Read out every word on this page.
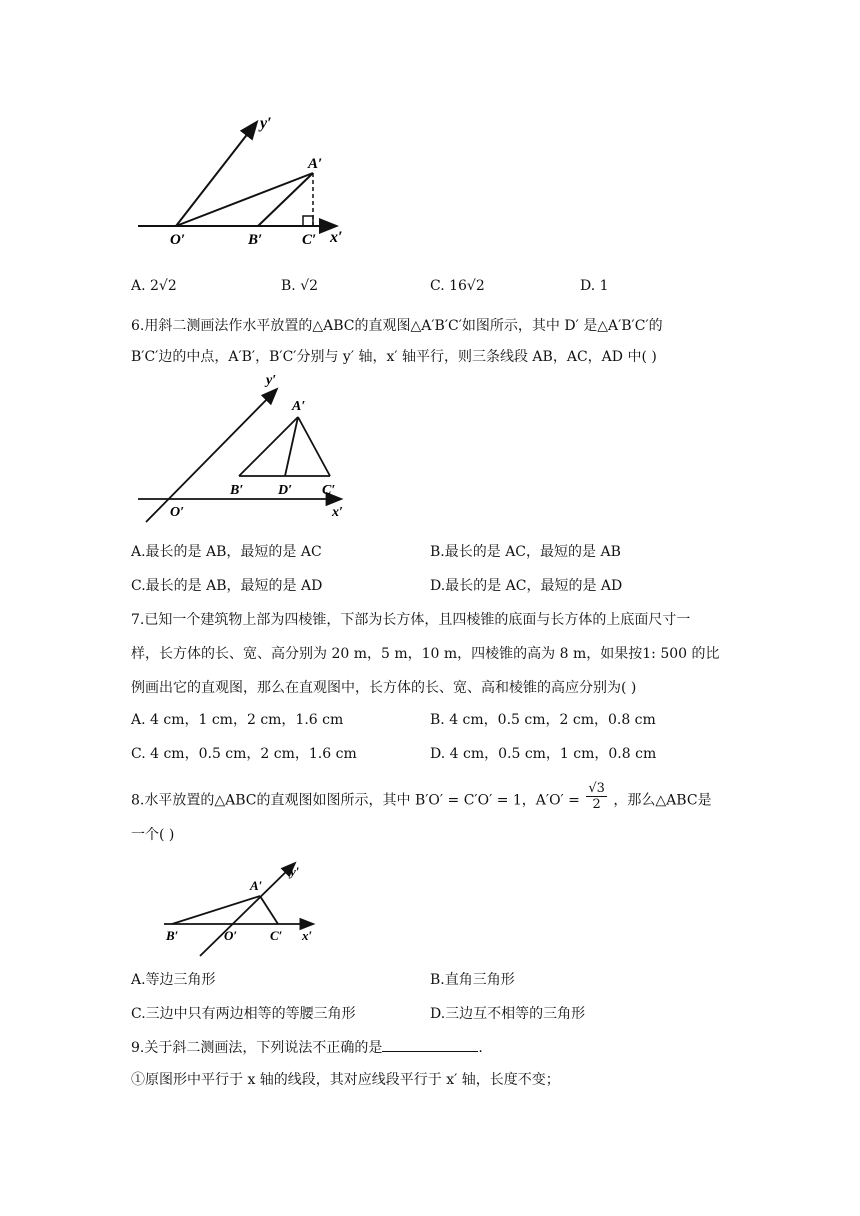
y′
A′
O′	B′	C′ x′
A. 2√2	B. √2	C. 16√2	D. 1
6.用斜二测画法作水平放置的△ABC的直观图△A′B′C′如图所示，其中 D′ 是△A′B′C′的
B′C′边的中点，A′B′，B′C′分别与 y′ 轴，x′ 轴平行，则三条线段 AB，AC，AD 中( )
y′
A′
B′ D′ C′
O′	x′
A.最长的是 AB，最短的是 AC	B.最长的是 AC，最短的是 AB
C.最长的是 AB，最短的是 AD	D.最长的是 AC，最短的是 AD
7.已知一个建筑物上部为四棱锥，下部为长方体，且四棱锥的底面与长方体的上底面尺寸一
样，长方体的长、宽、高分别为 20 m，5 m，10 m，四棱锥的高为 8 m，如果按1: 500 的比
例画出它的直观图，那么在直观图中，长方体的长、宽、高和棱锥的高应分别为( )
A. 4 cm，1 cm，2 cm，1.6 cm	B. 4 cm，0.5 cm，2 cm，0.8 cm
C. 4 cm，0.5 cm，2 cm，1.6 cm	D. 4 cm，0.5 cm，1 cm，0.8 cm
8.水平放置的△ABC的直观图如图所示，其中 B′O′ = C′O′ = 1，$A'O' = \frac{√3}{2}$ ，那么△ABC是
一个( )
y′
A′
B′	O′	C′ x′
A.等边三角形	B.直角三角形
C.三边中只有两边相等的等腰三角形	D.三边互不相等的三角形
9.关于斜二测画法，下列说法不正确的是	.
①原图形中平行于 x 轴的线段，其对应线段平行于 x′ 轴，长度不变；
